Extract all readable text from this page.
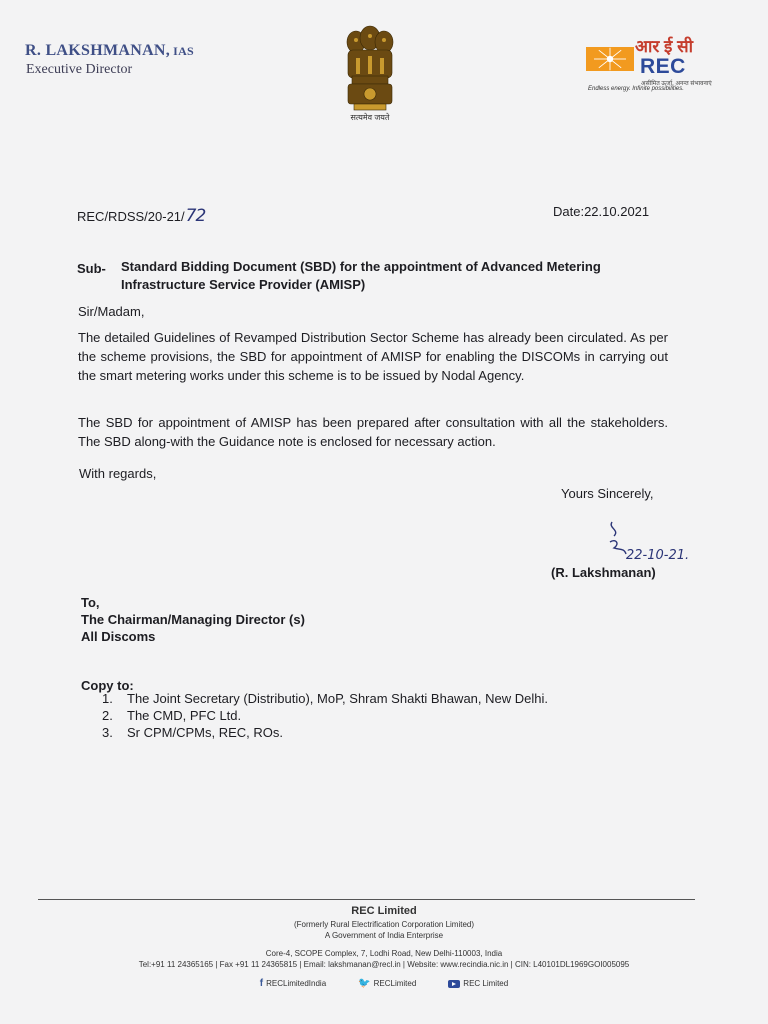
R. LAKSHMANAN, IAS
Executive Director
सत्यमेव जयते
आर ई सी
REC
असीमित ऊर्जा, अनन्त संभावनाएं
Endless energy. Infinite possibilities.
REC/RDSS/20-21/72	Date:22.10.2021
Sub- Standard Bidding Document (SBD) for the appointment of Advanced Metering Infrastructure Service Provider (AMISP)
Sir/Madam,
The detailed Guidelines of Revamped Distribution Sector Scheme has already been circulated. As per the scheme provisions, the SBD for appointment of AMISP for enabling the DISCOMs in carrying out the smart metering works under this scheme is to be issued by Nodal Agency.
The SBD for appointment of AMISP has been prepared after consultation with all the stakeholders. The SBD along-with the Guidance note is enclosed for necessary action.
With regards,
Yours Sincerely,
22-10-21.
(R. Lakshmanan)
To,
The Chairman/Managing Director (s)
All Discoms
Copy to:
1. The Joint Secretary (Distributio), MoP, Shram Shakti Bhawan, New Delhi.
2. The CMD, PFC Ltd.
3. Sr CPM/CPMs, REC, ROs.
REC Limited
(Formerly Rural Electrification Corporation Limited)
A Government of India Enterprise
Core-4, SCOPE Complex, 7, Lodhi Road, New Delhi-110003, India
Tel:+91 11 24365165 | Fax +91 11 24365815 | Email: lakshmanan@recl.in | Website: www.recindia.nic.in | CIN: L40101DL1969GOI005095
f RECLimitedIndia	🐦 RECLimited	REC Limited
